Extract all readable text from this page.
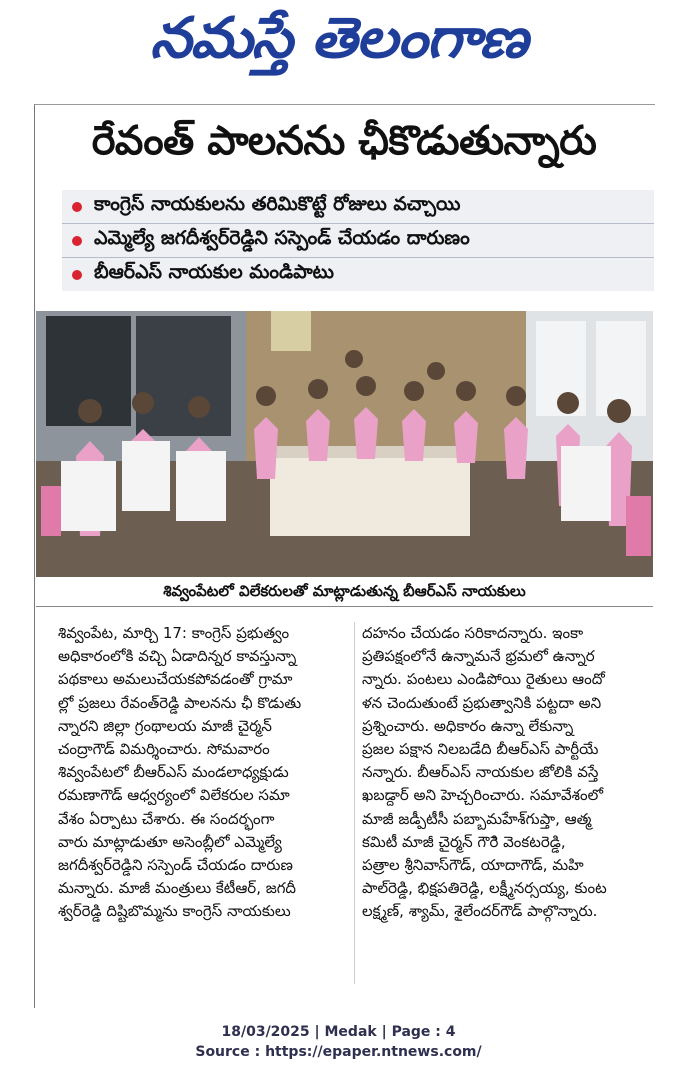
నమస్తే తెలంగాణ
రేవంత్ పాలనను ఛీకొడుతున్నారు
కాంగ్రెస్ నాయకులను తరిమికొట్టే రోజులు వచ్చాయి
ఎమ్మెల్యే జగదీశ్వర్‌రెడ్డిని సస్పెండ్ చేయడం దారుణం
బీఆర్‌ఎస్ నాయకుల మండిపాటు
శివ్వంపేటలో విలేకరులతో మాట్లాడుతున్న బీఆర్‌ఎస్ నాయకులు
శివ్వంపేట, మార్చి 17: కాంగ్రెస్ ప్రభుత్వం
అధికారంలోకి వచ్చి ఏడాదిన్నర కావస్తున్నా
పథకాలు అమలుచేయకపోవడంతో గ్రామా
ల్లో ప్రజలు రేవంత్‌రెడ్డి పాలనను ఛీ కొడుతు
న్నారని జిల్లా గ్రంథాలయ మాజీ చైర్మన్
చంద్రాగౌడ్ విమర్శించారు. సోమవారం
శివ్వంపేటలో బీఆర్‌ఎస్ మండలాధ్యక్షుడు
రమణాగౌడ్ ఆధ్వర్యంలో విలేకరుల సమా
వేశం ఏర్పాటు చేశారు. ఈ సందర్భంగా
వారు మాట్లాడుతూ అసెంబ్లీలో ఎమ్మెల్యే
జగదీశ్వర్‌రెడ్డిని సస్పెండ్ చేయడం దారుణ
మన్నారు. మాజీ మంత్రులు కేటీఆర్, జగదీ
శ్వర్‌రెడ్డి దిష్టిబొమ్మను కాంగ్రెస్ నాయకులు
దహనం చేయడం సరికాదన్నారు. ఇంకా
ప్రతిపక్షంలోనే ఉన్నామనే భ్రమలో ఉన్నార
న్నారు. పంటలు ఎండిపోయి రైతులు ఆందో
ళన చెందుతుంటే ప్రభుత్వానికి పట్టదా అని
ప్రశ్నించారు. అధికారం ఉన్నా లేకున్నా
ప్రజల పక్షాన నిలబడేది బీఆర్‌ఎస్ పార్టీయే
నన్నారు. బీఆర్‌ఎస్ నాయకుల జోలికి వస్తే
ఖబడ్దార్ అని హెచ్చరించారు. సమావేశంలో
మాజీ జడ్పీటీసీ పబ్బామహేశ్‌గుప్తా, ఆత్మ
కమిటీ మాజీ చైర్మన్ గౌరెి వెంకటరెడ్డి,
పత్రాల శ్రీనివాస్‌గౌడ్, యాదాగౌడ్, మహి
పాల్‌రెడ్డి, భిక్షపతిరెడ్డి, లక్ష్మీనర్సయ్య, కుంట
లక్ష్మణ్, శ్యామ్, శైలేందర్‌గౌడ్ పాల్గొన్నారు.
18/03/2025 | Medak | Page : 4
Source : https://epaper.ntnews.com/
